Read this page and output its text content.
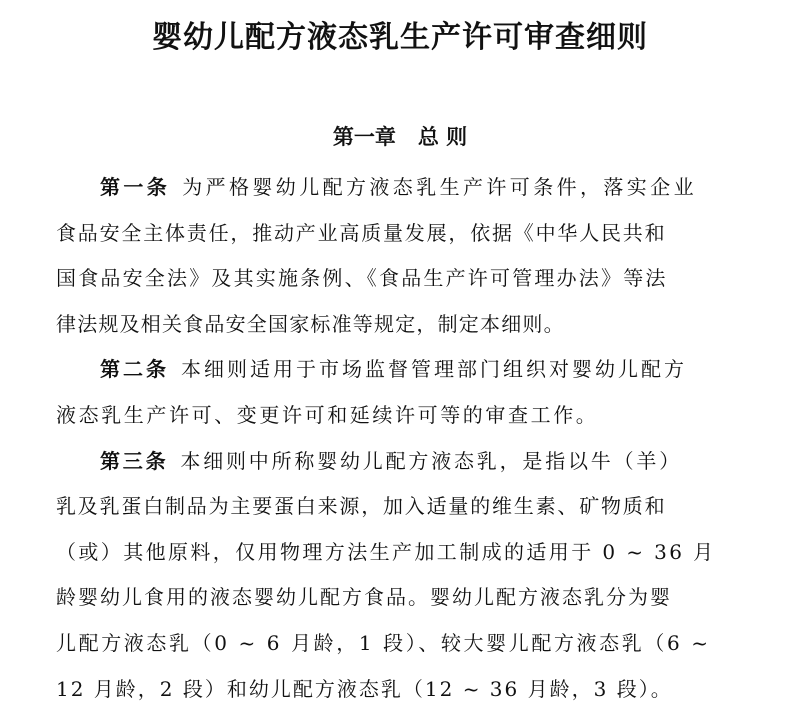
婴幼儿配方液态乳生产许可审查细则
第一章 总 则
第一条 为严格婴幼儿配方液态乳生产许可条件，落实企业
食品安全主体责任，推动产业高质量发展，依据《中华人民共和
国食品安全法》及其实施条例、《食品生产许可管理办法》等法
律法规及相关食品安全国家标准等规定，制定本细则。
第二条 本细则适用于市场监督管理部门组织对婴幼儿配方
液态乳生产许可、变更许可和延续许可等的审查工作。
第三条 本细则中所称婴幼儿配方液态乳，是指以牛（羊）
乳及乳蛋白制品为主要蛋白来源，加入适量的维生素、矿物质和
（或）其他原料，仅用物理方法生产加工制成的适用于 0 ~ 36 月
龄婴幼儿食用的液态婴幼儿配方食品。婴幼儿配方液态乳分为婴
儿配方液态乳（0 ~ 6 月龄，1 段）、较大婴儿配方液态乳（6 ~
12 月龄，2 段）和幼儿配方液态乳（12 ~ 36 月龄，3 段）。
